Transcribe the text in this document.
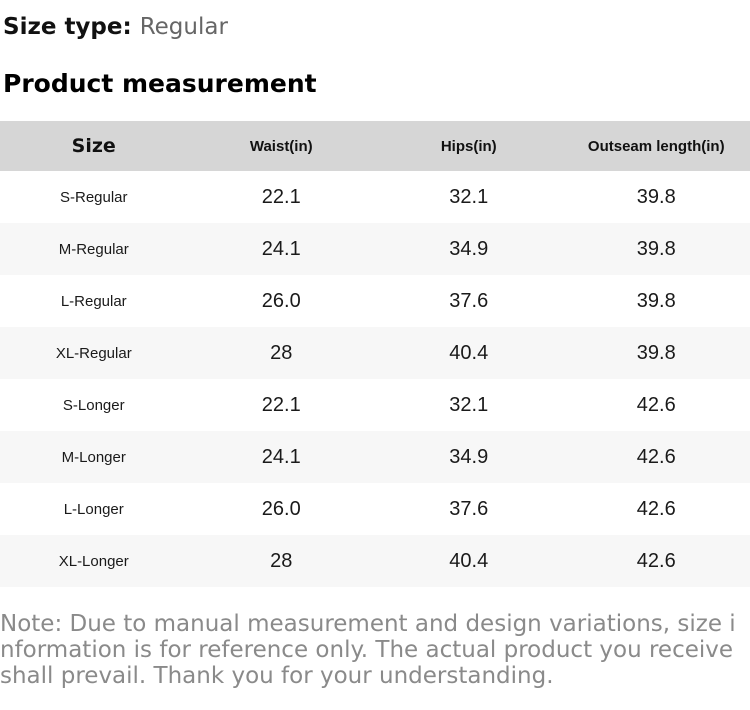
Size type: Regular
Product measurement
Size	Waist(in)	Hips(in)	Outseam length(in)
S-Regular	22.1	32.1	39.8
M-Regular	24.1	34.9	39.8
L-Regular	26.0	37.6	39.8
XL-Regular	28	40.4	39.8
S-Longer	22.1	32.1	42.6
M-Longer	24.1	34.9	42.6
L-Longer	26.0	37.6	42.6
XL-Longer	28	40.4	42.6

Note: Due to manual measurement and design variations, size information is for reference only. The actual product you receive shall prevail. Thank you for your understanding.
